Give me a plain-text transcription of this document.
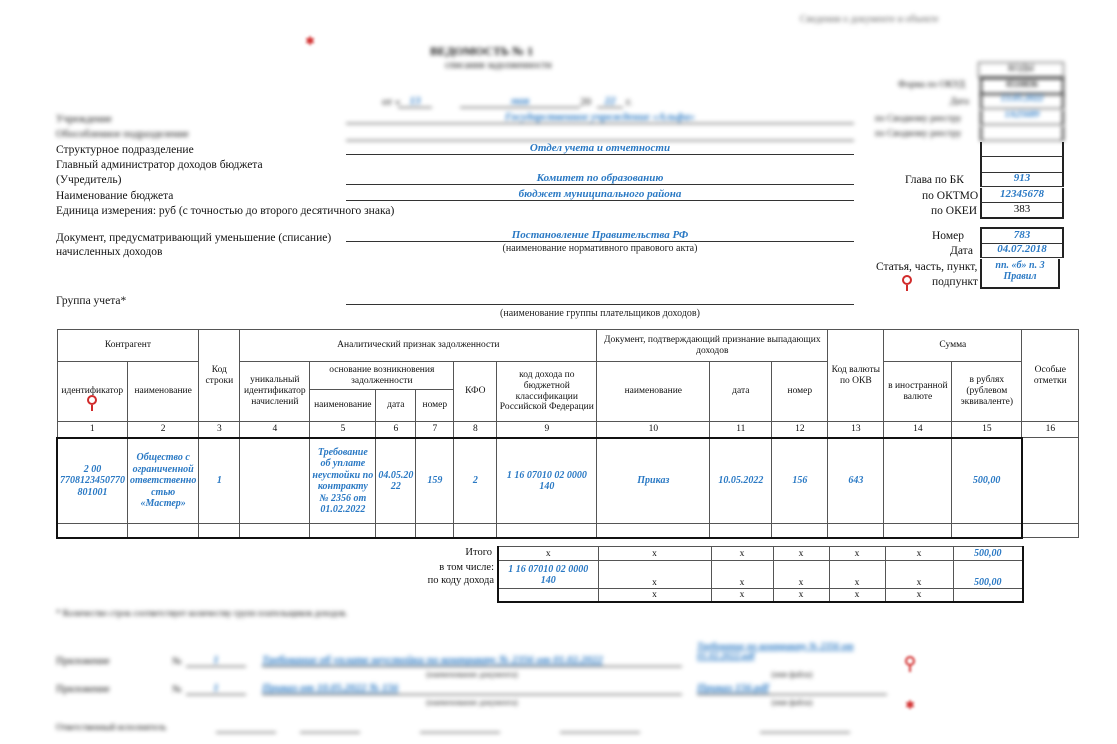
Сведения о документе и объекте
✱
ВЕДОМОСТЬ № 1
списания задолженности
от « 13	мая	20	22 г.
КОДЫ
Форма по ОКУД	0510836
Дата	13.05.2022
Учреждение	Государственное учреждение «Альфа»	по Сводному реестру	1A25689
Обособленное подразделение	по Сводному реестру
Структурное подразделение	Отдел учета и отчетности
Главный администратор доходов бюджета
(Учредитель)	Комитет по образованию	Глава по БК	913
Наименование бюджета	бюджет муниципального района	по ОКТМО	12345678
Единица измерения: руб (с точностью до второго десятичного знака)	по ОКЕИ	383
Документ, предусматривающий уменьшение (списание)
начисленных доходов
Постановление Правительства РФ
(наименование нормативного правового акта)
Номер	783
Дата	04.07.2018
Статья, часть, пункт,
подпункт
пп. «б» п. 3
Правил
Группа учета*
(наименование группы плательщиков доходов)
Контрагент		Код строки	Аналитический признак задолженности						Документ, подтверждающий признание выпадающих доходов			Код валюты по ОКВ	Сумма		Особые отметки
идентификатор	наименование		уникальный идентификатор начислений	основание возникновения задолженности			КФО	код дохода по бюджетной классификации Российской Федерации	наименование	дата	номер		в иностранной валюте	в рублях (рублевом эквиваленте)	
				наименование	дата	номер									
1	2	3	4	5	6	7	8	9	10	11	12	13	14	15	16
2 00 7708123450770 801001	Общество с ограниченной ответственно стью «Мастер»	1		Требование об уплате неустойки по контракту № 2356 от 01.02.2022	04.05.20 22	159	2	1 16 07010 02 0000 140	Приказ	10.05.2022	156	643		500,00	

Итого
в том числе:
по коду дохода
x	x	x	x	x	x	500,00
1 16 07010 02 0000 140	x	x	x	x	x	500,00
	x	x	x	x	x	
* Количество строк соответствует количеству групп плательщиков доходов.
Приложение	№	1	Требование об уплате неустойки по контракту № 2356 от 01.02.2022
(наименование документа)
Требование по контракту № 2356 от 01.02.2022.pdf
(имя файла)
Приложение	№	1	Приказ от 10.05.2022 № 156
(наименование документа)
Приказ 156.pdf
(имя файла)	✱
Ответственный исполнитель
